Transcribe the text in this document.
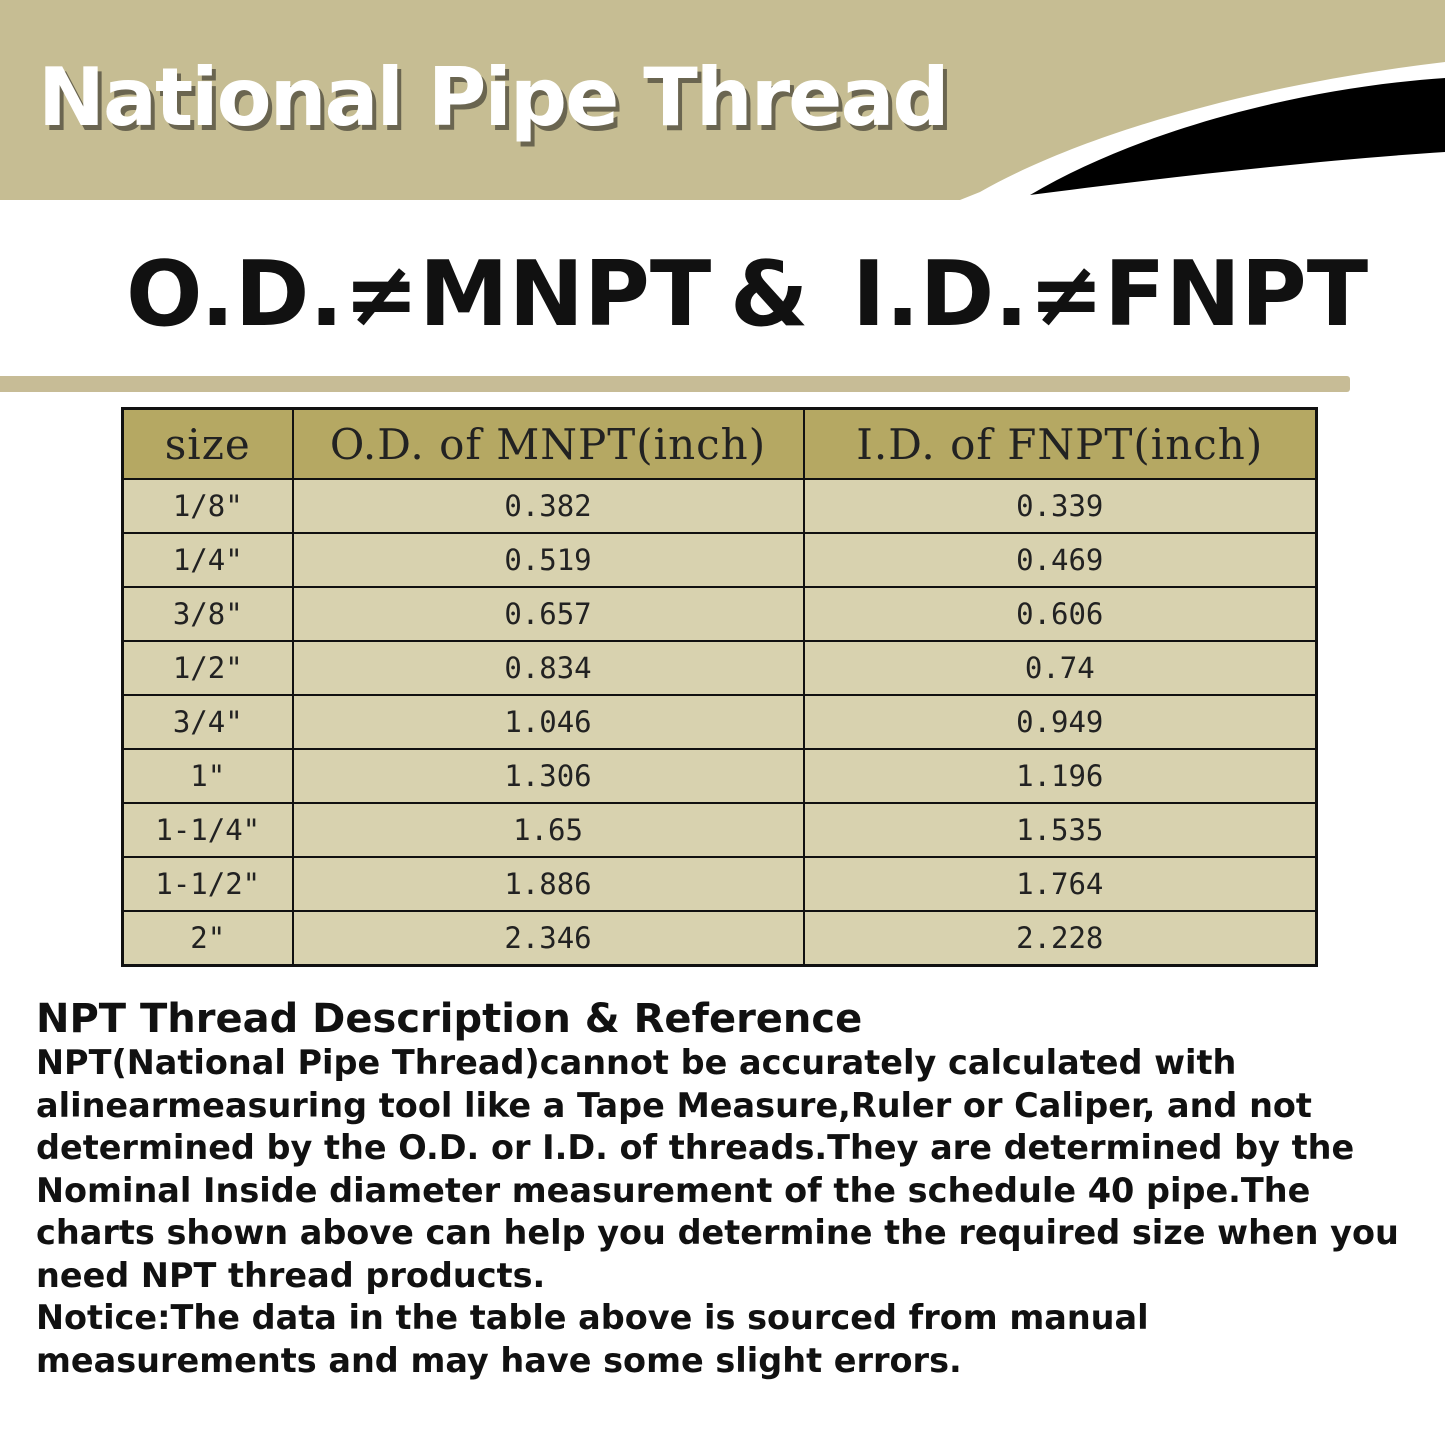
National Pipe Thread
O.D.≠MNPT & I.D.≠FNPT
size	O.D. of MNPT(inch)	I.D. of FNPT(inch)
1/8"	0.382	0.339
1/4"	0.519	0.469
3/8"	0.657	0.606
1/2"	0.834	0.74
3/4"	1.046	0.949
1"	1.306	1.196
1-1/4"	1.65	1.535
1-1/2"	1.886	1.764
2"	2.346	2.228

NPT Thread Description & Reference

NPT(National Pipe Thread)cannot be accurately calculated with
alinearmeasuring tool like a Tape Measure,Ruler or Caliper, and not
determined by the O.D. or I.D. of threads.They are determined by the
Nominal Inside diameter measurement of the schedule 40 pipe.The
charts shown above can help you determine the required size when you
need NPT thread products.
Notice:The data in the table above is sourced from manual
measurements and may have some slight errors.
